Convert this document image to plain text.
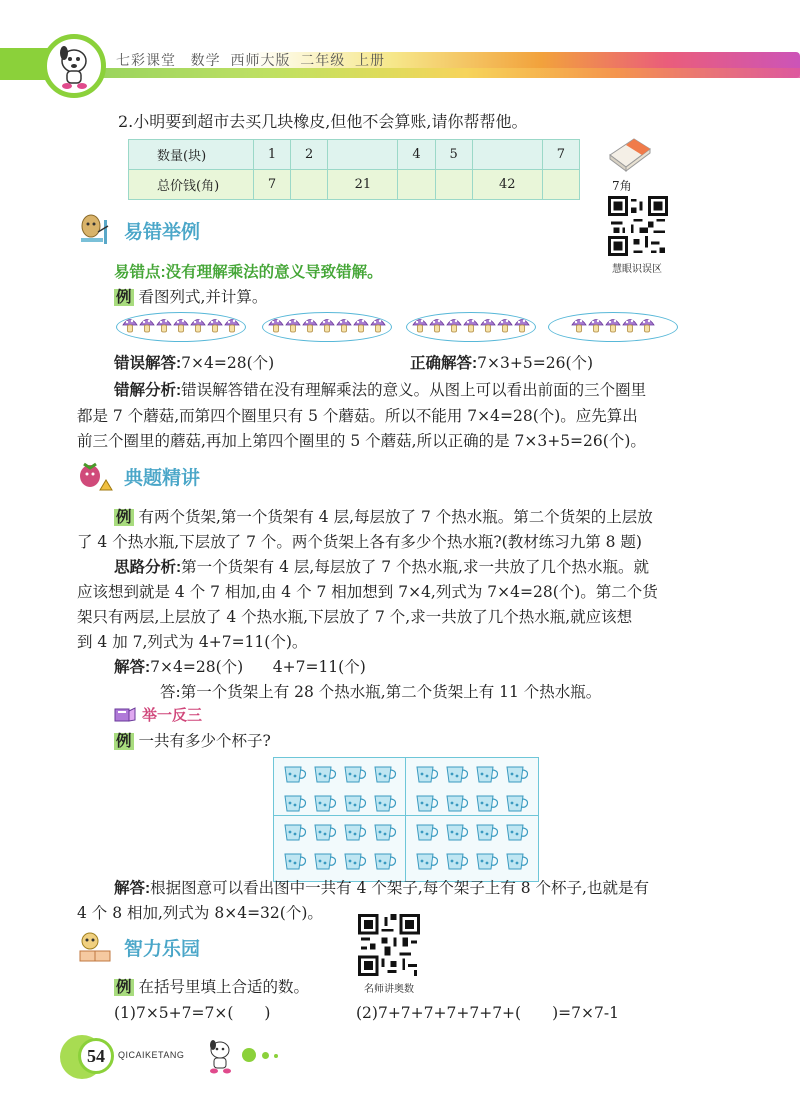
七彩课堂 数学 西师大版 二年级 上册
2.小明要到超市去买几块橡皮,但他不会算账,请你帮帮他。
数量(块)	1	2		4	5		7
总价钱(角)	7		21			42		7角
慧眼识误区
易错举例
易错点:没有理解乘法的意义导致错解。
例 看图列式,并计算。
错误解答:7×4=28(个)	正确解答:7×3+5=26(个)
错解分析:错误解答错在没有理解乘法的意义。从图上可以看出前面的三个圈里
都是 7 个蘑菇,而第四个圈里只有 5 个蘑菇。所以不能用 7×4=28(个)。应先算出
前三个圈里的蘑菇,再加上第四个圈里的 5 个蘑菇,所以正确的是 7×3+5=26(个)。
典题精讲
例 有两个货架,第一个货架有 4 层,每层放了 7 个热水瓶。第二个货架的上层放
了 4 个热水瓶,下层放了 7 个。两个货架上各有多少个热水瓶?(教材练习九第 8 题)
思路分析:第一个货架有 4 层,每层放了 7 个热水瓶,求一共放了几个热水瓶。就
应该想到就是 4 个 7 相加,由 4 个 7 相加想到 7×4,列式为 7×4=28(个)。第二个货
架只有两层,上层放了 4 个热水瓶,下层放了 7 个,求一共放了几个热水瓶,就应该想
到 4 加 7,列式为 4+7=11(个)。
解答:7×4=28(个) 4+7=11(个)
答:第一个货架上有 28 个热水瓶,第二个货架上有 11 个热水瓶。
举一反三
例 一共有多少个杯子?
解答:根据图意可以看出图中一共有 4 个架子,每个架子上有 8 个杯子,也就是有
4 个 8 相加,列式为 8×4=32(个)。
智力乐园
名师讲奥数
例 在括号里填上合适的数。
(1)7×5+7=7×(　　)	(2)7+7+7+7+7+7+(　　)=7×7-1
54	QICAIKETANG
